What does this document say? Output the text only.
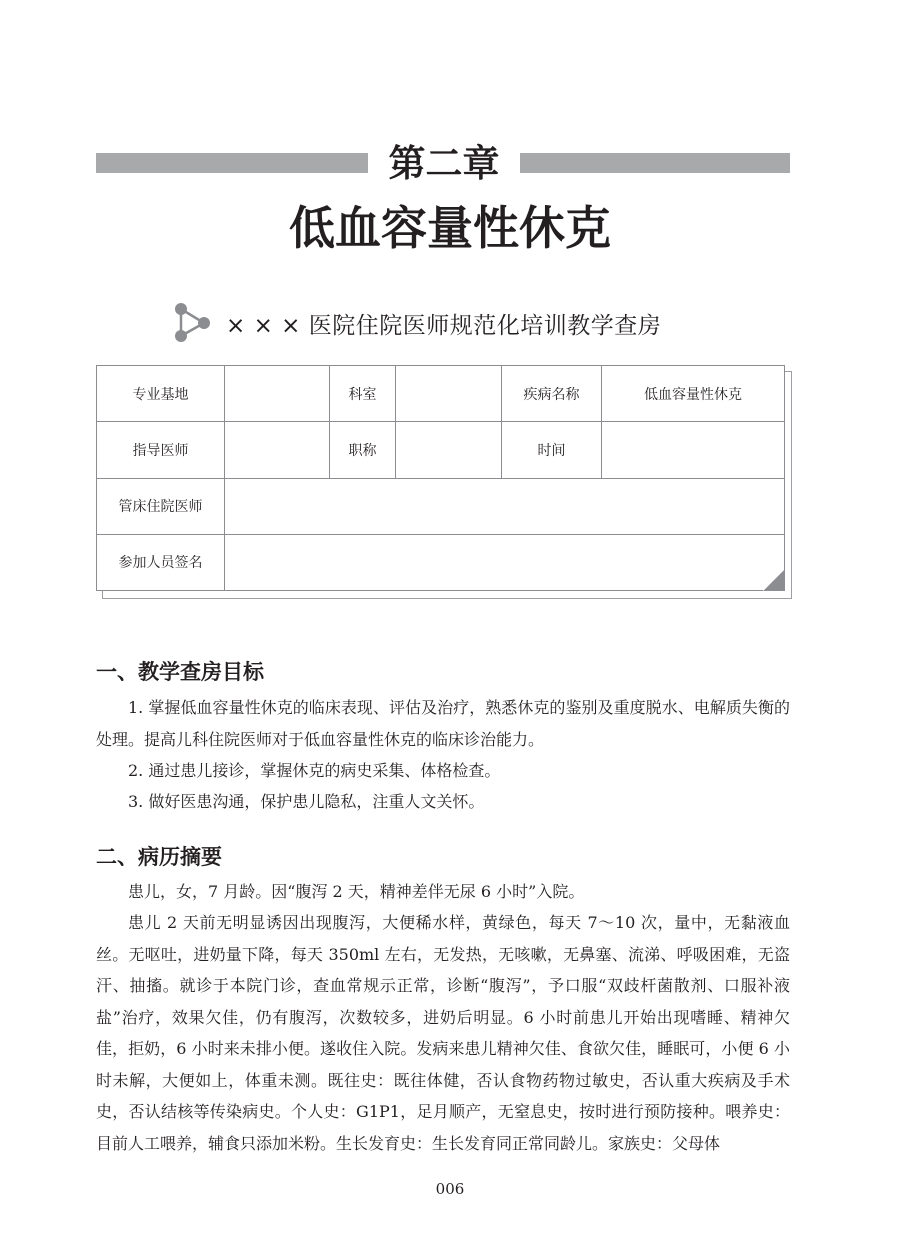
第二章
低血容量性休克
× × × 医院住院医师规范化培训教学查房
专业基地		科室		疾病名称	低血容量性休克
指导医师		职称		时间	
管床住院医师					
参加人员签名					
一、教学查房目标

1. 掌握低血容量性休克的临床表现、评估及治疗，熟悉休克的鉴别及重度脱水、电解质失衡的处理。提高儿科住院医师对于低血容量性休克的临床诊治能力。

2. 通过患儿接诊，掌握休克的病史采集、体格检查。

3. 做好医患沟通，保护患儿隐私，注重人文关怀。

二、病历摘要

患儿，女，7 月龄。因“腹泻 2 天，精神差伴无尿 6 小时”入院。

患儿 2 天前无明显诱因出现腹泻，大便稀水样，黄绿色，每天 7～10 次，量中，无黏液血丝。无呕吐，进奶量下降，每天 350ml 左右，无发热，无咳嗽，无鼻塞、流涕、呼吸困难，无盗汗、抽搐。就诊于本院门诊，查血常规示正常，诊断“腹泻”，予口服“双歧杆菌散剂、口服补液盐”治疗，效果欠佳，仍有腹泻，次数较多，进奶后明显。6 小时前患儿开始出现嗜睡、精神欠佳，拒奶，6 小时来未排小便。遂收住入院。发病来患儿精神欠佳、食欲欠佳，睡眠可，小便 6 小时未解，大便如上，体重未测。既往史：既往体健，否认食物药物过敏史，否认重大疾病及手术史，否认结核等传染病史。个人史：G1P1，足月顺产，无窒息史，按时进行预防接种。喂养史：目前人工喂养，辅食只添加米粉。生长发育史：生长发育同正常同龄儿。家族史：父母体

006
